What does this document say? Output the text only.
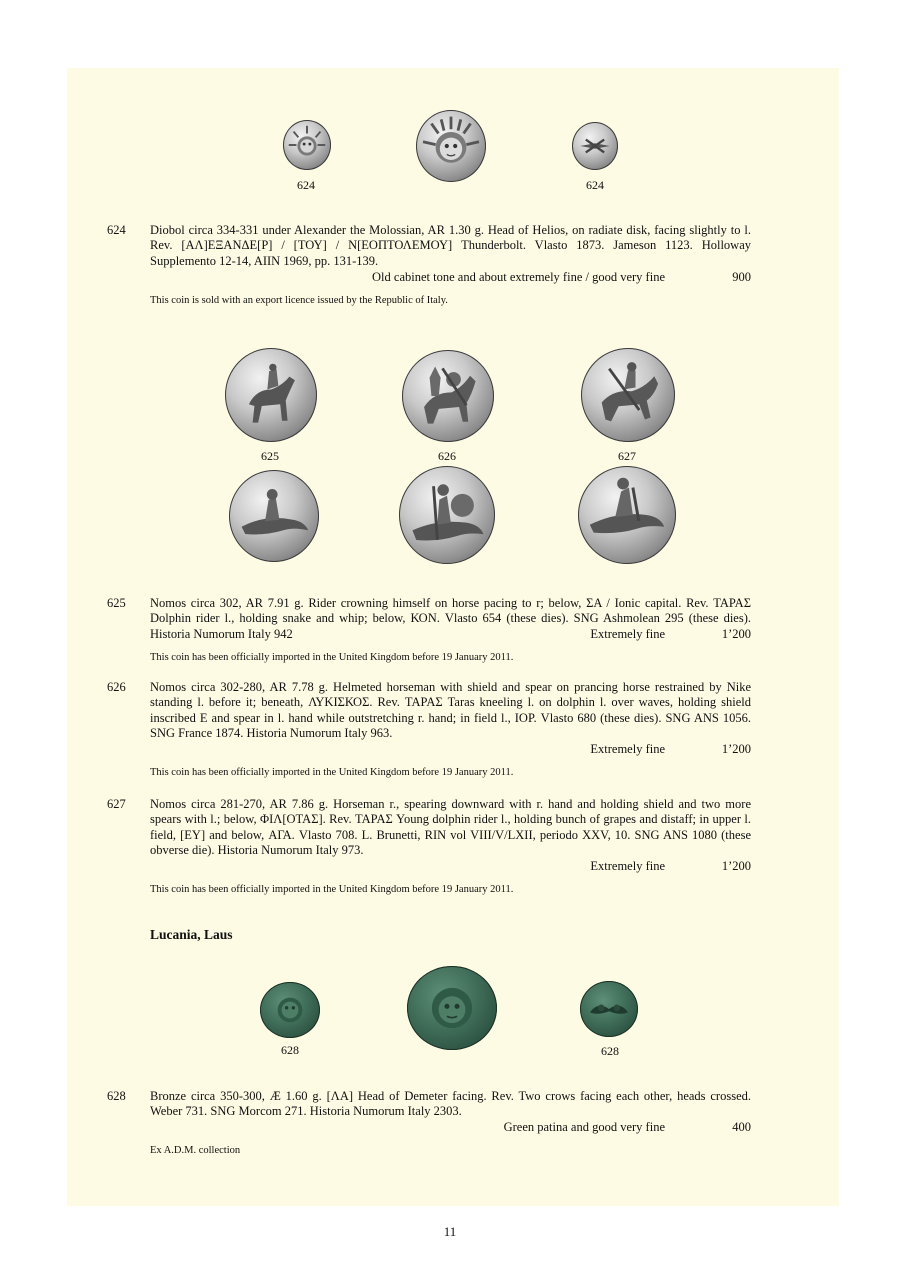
624	624
624 Diobol circa 334-331 under Alexander the Molossian, AR 1.30 g. Head of Helios, on radiate disk, facing slightly to l. Rev. [ΑΛ]ΕΞΑΝΔΕ[Ρ] / [ΤΟΥ] / Ν[ΕΟΠΤΟΛΕΜΟΥ] Thunderbolt. Vlasto 1873. Jameson 1123. Holloway Supplemento 12-14, AIIN 1969, pp. 131-139.

Old cabinet tone and about extremely fine / good very fine	900
This coin is sold with an export licence issued by the Republic of Italy.
625	626	627
625 Nomos circa 302, AR 7.91 g. Rider crowning himself on horse pacing to r; below, ΣΑ / Ionic capital. Rev. ΤΑΡΑΣ Dolphin rider l., holding snake and whip; below, ΚΟΝ. Vlasto 654 (these dies). SNG Ashmolean 295 (these dies). Historia Numorum Italy 942	Extremely fine	1’200
This coin has been officially imported in the United Kingdom before 19 January 2011.
626 Nomos circa 302-280, AR 7.78 g. Helmeted horseman with shield and spear on prancing horse restrained by Nike standing l. before it; beneath, ΛΥΚΙΣΚΟΣ. Rev. ΤΑΡΑΣ Taras kneeling l. on dolphin l. over waves, holding shield inscribed E and spear in l. hand while outstretching r. hand; in field l., ΙΟΡ. Vlasto 680 (these dies). SNG ANS 1056. SNG France 1874. Historia Numorum Italy 963.
Extremely fine	1’200
This coin has been officially imported in the United Kingdom before 19 January 2011.
627 Nomos circa 281-270, AR 7.86 g. Horseman r., spearing downward with r. hand and holding shield and two more spears with l.; below, ΦΙΛ[ΟΤΑΣ]. Rev. ΤΑΡΑΣ Young dolphin rider l., holding bunch of grapes and distaff; in upper l. field, [ΕΥ] and below, ΑΓΑ. Vlasto 708. L. Brunetti, RIN vol VIII/V/LXII, periodo XXV, 10. SNG ANS 1080 (these obverse die). Historia Numorum Italy 973.
Extremely fine	1’200
This coin has been officially imported in the United Kingdom before 19 January 2011.
Lucania, Laus
628	628
628 Bronze circa 350-300, Æ 1.60 g. [ΛΑ] Head of Demeter facing. Rev. Two crows facing each other, heads crossed. Weber 731. SNG Morcom 271. Historia Numorum Italy 2303.
Green patina and good very fine	400
Ex A.D.M. collection
11
